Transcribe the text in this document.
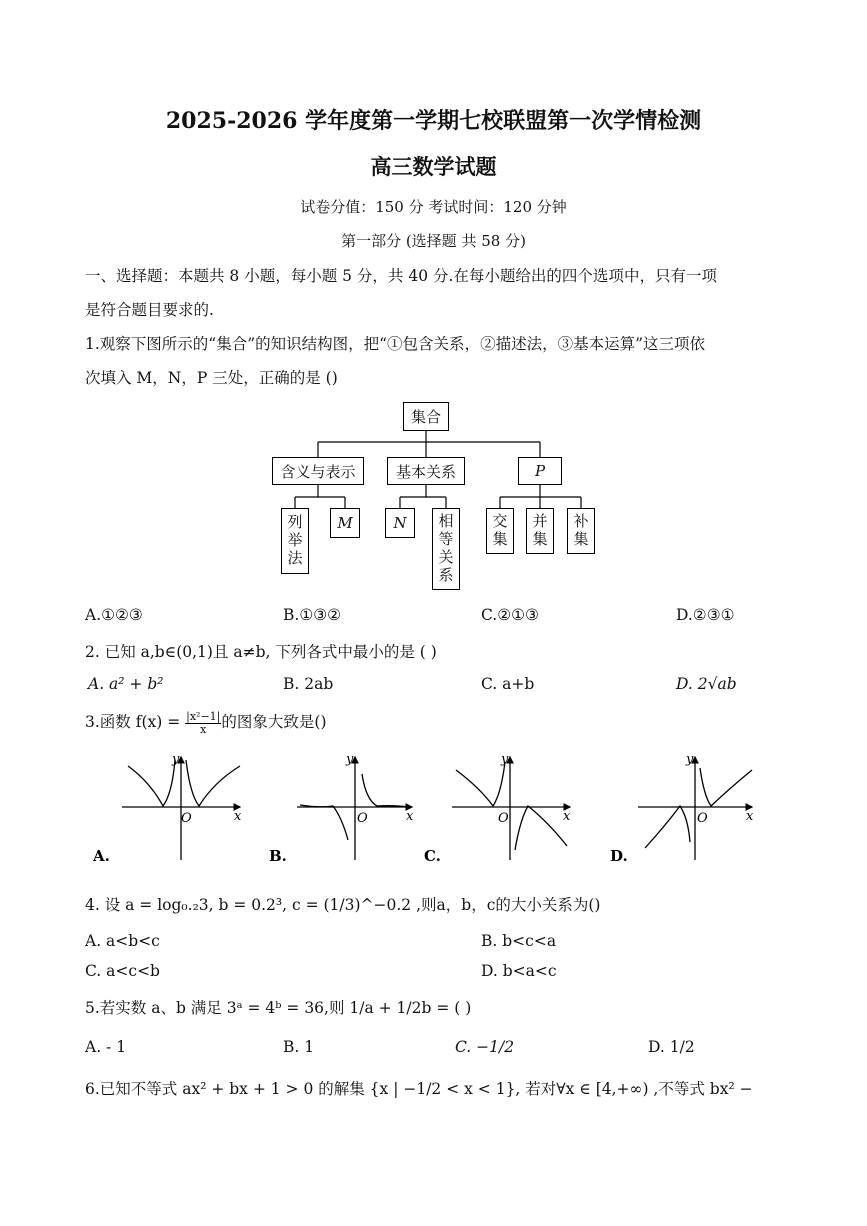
2025-2026 学年度第一学期七校联盟第一次学情检测
高三数学试题
试卷分值：150 分 考试时间：120 分钟
第一部分 (选择题 共 58 分)
一、选择题：本题共 8 小题，每小题 5 分，共 40 分.在每小题给出的四个选项中，只有一项
是符合题目要求的.
1.观察下图所示的“集合”的知识结构图，把“①包含关系，②描述法，③基本运算”这三项依
次填入 M，N，P 三处，正确的是 ()
集合
含义与表示	基本关系	P
列举法	M	N	相等关系	交集	并集	补集
A.①②③	B.①③②	C.②①③	D.②③①
2. 已知 a,b∈(0,1)且 a≠b, 下列各式中最小的是 ( )
A. a² + b²	B. 2ab	C. a+b	D. 2√ab
3.函数 $f(x) = \frac{\text{|x²−1|}}{x}$ 的图象大致是()
y
x
O
y
x
O
y
x
O
y
x
O
A.	B.	C.	D.
4. 设 a = log₀.₂3, b = 0.2³, c = (1/3)^−0.2 ,则a，b，c的大小关系为()
A. a<b<c	B. b<c<a
C. a<c<b	D. b<a<c
5.若实数 a、b 满足 3ᵃ = 4ᵇ = 36,则 1/a + 1/2b = ( )
A. - 1	B. 1	C. −1/2	D. 1/2
6.已知不等式 ax² + bx + 1 > 0 的解集 {x | −1/2 < x < 1}, 若对∀x ∈ [4,+∞) ,不等式 bx² −
